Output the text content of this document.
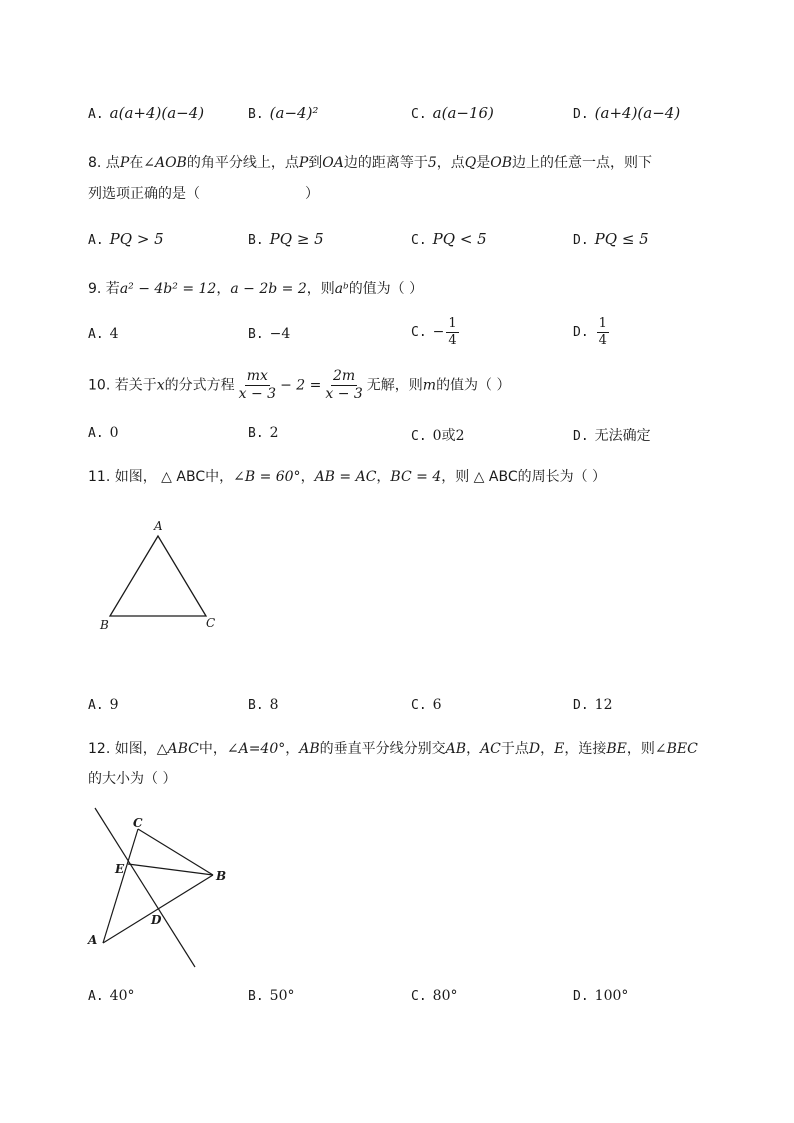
A. a(a+4)(a−4)	B. (a−4)²	C. a(a−16)	D. (a+4)(a−4)
8. 点P在∠AOB的角平分线上，点P到OA边的距离等于5，点Q是OB边上的任意一点，则下
列选项正确的是（	）
A. PQ > 5	B. PQ ≥ 5	C. PQ < 5	D. PQ ≤ 5
9. 若a² − 4b² = 12，a − 2b = 2，则aᵇ的值为（ ）
A. 4	B. −4	C. − $\frac{1}{4}$	D. $\frac{1}{4}$
10. 若关于x的分式方程 $\frac{mx}{x - 3} - 2 = \frac{2m}{x - 3}$ 无解，则m的值为（ ）
A. 0	B. 2	C. 0或2	D. 无法确定
11. 如图， △ ABC中，∠B = 60°，AB = AC，BC = 4，则 △ ABC的周长为（ ）
A
B	C
A. 9	B. 8	C. 6	D. 12
12. 如图，△ABC中，∠A=40°，AB的垂直平分线分别交AB，AC于点D，E，连接BE，则∠BEC
的大小为（ ）
C
E	B
D
A
A. 40°	B. 50°	C. 80°	D. 100°
